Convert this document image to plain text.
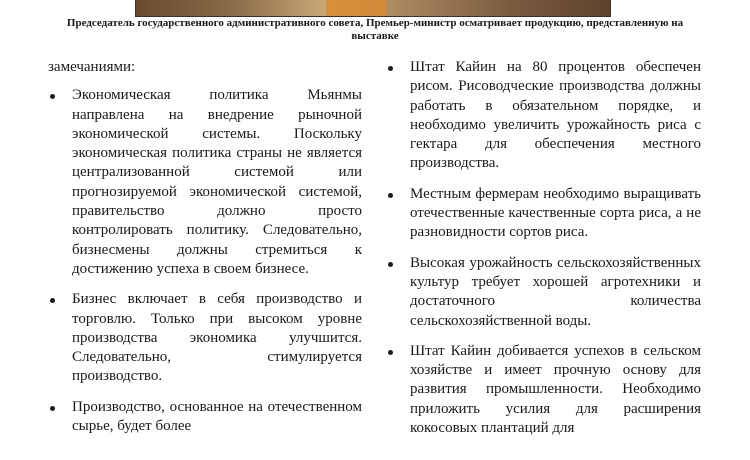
Председатель государственного административного совета, Премьер-министр осматривает продукцию, представленную на выставке

замечаниями:

Экономическая политика Мьянмы направлена на внедрение рыночной экономической системы. Поскольку экономическая политика страны не является централизованной системой или прогнозируемой экономической системой, правительство должно просто контролировать политику. Следовательно, бизнесмены должны стремиться к достижению успеха в своем бизнесе.
Бизнес включает в себя производство и торговлю. Только при высоком уровне производства экономика улучшится. Следовательно, стимулируется производство.
Производство, основанное на отечественном сырье, будет более
Штат Кайин на 80 процентов обеспечен рисом. Рисоводческие производства должны работать в обязательном порядке, и необходимо увеличить урожайность риса с гектара для обеспечения местного производства.
Местным фермерам необходимо выращивать отечественные качественные сорта риса, а не разновидности сортов риса.
Высокая урожайность сельскохозяйственных культур требует хорошей агротехники и достаточного количества сельскохозяйственной воды.
Штат Кайин добивается успехов в сельском хозяйстве и имеет прочную основу для развития промышленности. Необходимо приложить усилия для расширения кокосовых плантаций для
